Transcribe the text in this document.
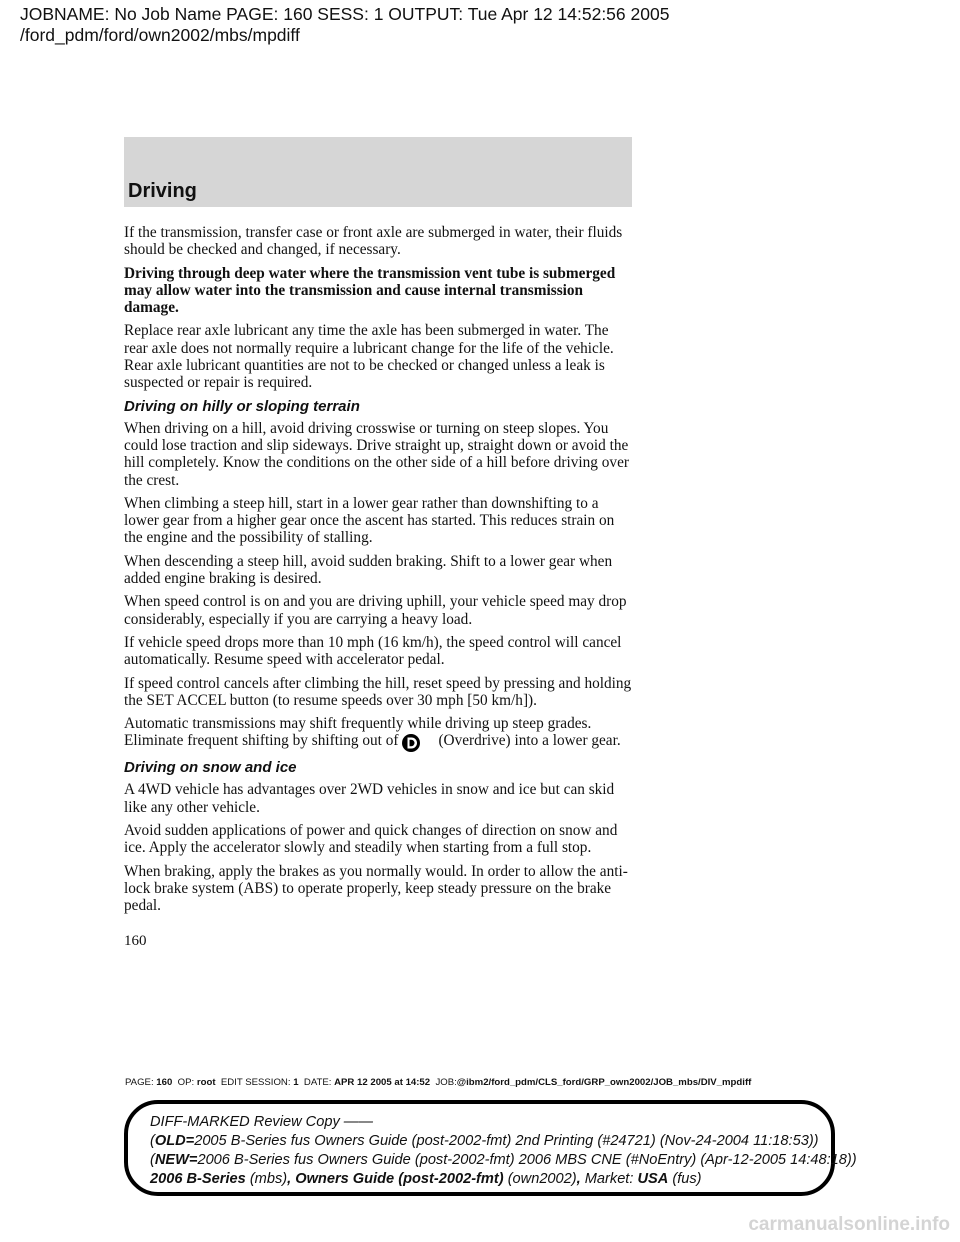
JOBNAME: No Job Name PAGE: 160 SESS: 1 OUTPUT: Tue Apr 12 14:52:56 2005
/ford_pdm/ford/own2002/mbs/mpdiff
Driving

If the transmission, transfer case or front axle are submerged in water, their fluids should be checked and changed, if necessary.

Driving through deep water where the transmission vent tube is submerged may allow water into the transmission and cause internal transmission damage.

Replace rear axle lubricant any time the axle has been submerged in water. The rear axle does not normally require a lubricant change for the life of the vehicle. Rear axle lubricant quantities are not to be checked or changed unless a leak is suspected or repair is required.

Driving on hilly or sloping terrain

When driving on a hill, avoid driving crosswise or turning on steep slopes. You could lose traction and slip sideways. Drive straight up, straight down or avoid the hill completely. Know the conditions on the other side of a hill before driving over the crest.

When climbing a steep hill, start in a lower gear rather than downshifting to a lower gear from a higher gear once the ascent has started. This reduces strain on the engine and the possibility of stalling.

When descending a steep hill, avoid sudden braking. Shift to a lower gear when added engine braking is desired.

When speed control is on and you are driving uphill, your vehicle speed may drop considerably, especially if you are carrying a heavy load.

If vehicle speed drops more than 10 mph (16 km/h), the speed control will cancel automatically. Resume speed with accelerator pedal.

If speed control cancels after climbing the hill, reset speed by pressing and holding the SET ACCEL button (to resume speeds over 30 mph [50 km/h]).

Automatic transmissions may shift frequently while driving up steep grades. Eliminate frequent shifting by shifting out of	(Overdrive) into a lower gear.

Driving on snow and ice

A 4WD vehicle has advantages over 2WD vehicles in snow and ice but can skid like any other vehicle.

Avoid sudden applications of power and quick changes of direction on snow and ice. Apply the accelerator slowly and steadily when starting from a full stop.

When braking, apply the brakes as you normally would. In order to allow the anti-lock brake system (ABS) to operate properly, keep steady pressure on the brake pedal.

160
PAGE: 160 OP: root EDIT SESSION: 1 DATE: APR 12 2005 at 14:52 JOB:@ibm2/ford_pdm/CLS_ford/GRP_own2002/JOB_mbs/DIV_mpdiff
DIFF-MARKED Review Copy ——
(OLD=2005 B-Series fus Owners Guide (post-2002-fmt) 2nd Printing (#24721) (Nov-24-2004 11:18:53))
(NEW=2006 B-Series fus Owners Guide (post-2002-fmt) 2006 MBS CNE (#NoEntry) (Apr-12-2005 14:48:18))
2006 B-Series (mbs), Owners Guide (post-2002-fmt) (own2002), Market: USA (fus)
carmanualsonline.info
